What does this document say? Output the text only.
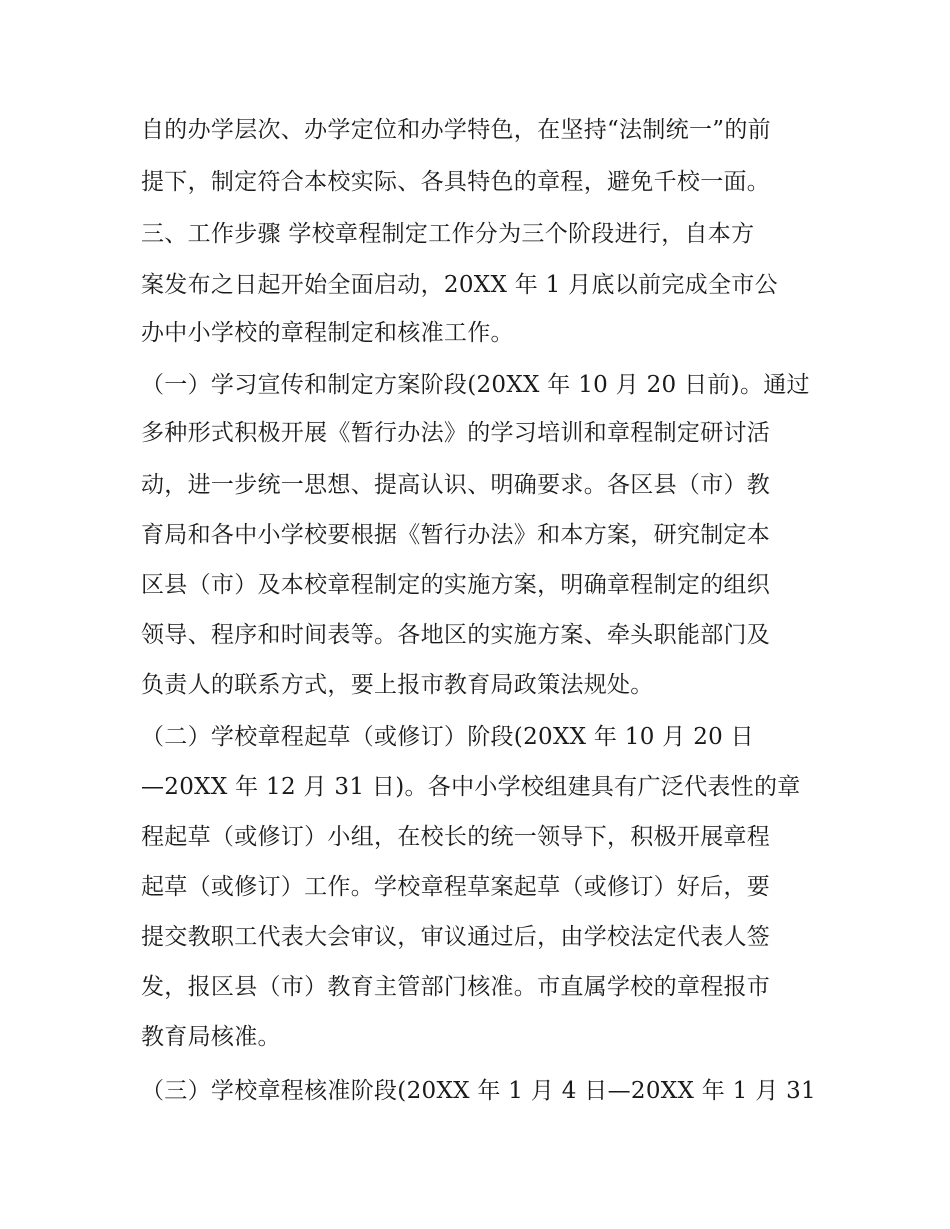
自的办学层次、办学定位和办学特色，在坚持“法制统一”的前

提下，制定符合本校实际、各具特色的章程，避免千校一面。

三、工作步骤 学校章程制定工作分为三个阶段进行，自本方

案发布之日起开始全面启动，20XX 年 1 月底以前完成全市公

办中小学校的章程制定和核准工作。

（一）学习宣传和制定方案阶段(20XX 年 10 月 20 日前)。通过

多种形式积极开展《暂行办法》的学习培训和章程制定研讨活

动，进一步统一思想、提高认识、明确要求。各区县（市）教

育局和各中小学校要根据《暂行办法》和本方案，研究制定本

区县（市）及本校章程制定的实施方案，明确章程制定的组织

领导、程序和时间表等。各地区的实施方案、牵头职能部门及

负责人的联系方式，要上报市教育局政策法规处。

（二）学校章程起草（或修订）阶段(20XX 年 10 月 20 日

—20XX 年 12 月 31 日)。各中小学校组建具有广泛代表性的章

程起草（或修订）小组，在校长的统一领导下，积极开展章程

起草（或修订）工作。学校章程草案起草（或修订）好后，要

提交教职工代表大会审议，审议通过后，由学校法定代表人签

发，报区县（市）教育主管部门核准。市直属学校的章程报市

教育局核准。

（三）学校章程核准阶段(20XX 年 1 月 4 日—20XX 年 1 月 31
